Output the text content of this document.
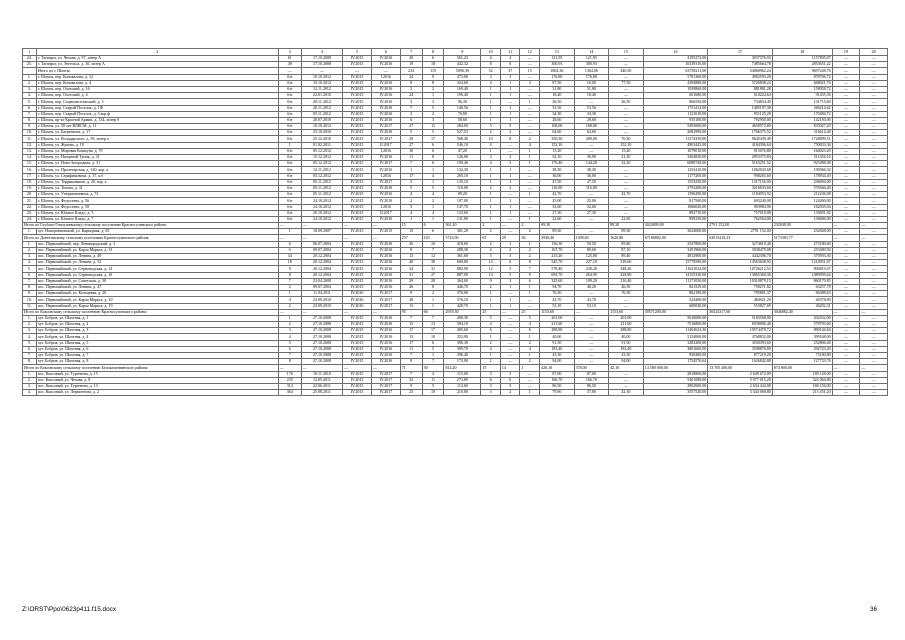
1	2	3	4	5	6	7	8	9	10	11	12	13	14	15	16	17	18	19	20
24.	г. Таганрог, ул. Чехова, д. 97, литер А	61	17.10.2008	IV.2015	IV.2016	20	6	561,23	4	4	—	121,95	121,95	—	4195272,00	3037376,93	1157895,07	—	—
25.	г. Таганрог, ул. Энгельса, д. 10, литер А	49	17.10.2008	IV.2015	IV.2016	19	18	442,32	8	8	—	300,93	300,93	—	10339316,00	7485664,78	2853651,22	—	—
	Итого по г. Шахты:	—	—	—	—	233	115	5090,39	52	37	15	1804,36	1364,06	440,30	63758211,00	54060962,24	9697248,76	—	—
1.	г. Шахты, пер. Коновалова, д. 12	б/н	10.10.2012	IV.2015	I.2016	24	9	473,00	3	3	—	176,80	176,80	—	5781360,00	4902593,28	878766,72	—	—
2.	г. Шахты, пер. Коновалова, д. 4	б/н	10.10.2012	IV.2015	IV.2016	8	8	324,60	4	1	3	87,50	10,00	77,50	4394880,00	3726838,24	668021,76	—	—
3.	г. Шахты, пер. Охотский, д. 16	б/н	12.11.2012	IV.2015	IV.2016	2	2	169,40	1	1	—	31,80	31,80	—	1039860,00	881801,28	158058,72	—	—
4.	г. Шахты, пер. Охотский, д. 4	б/н	22.01.2010	IV.2015	IV.2016	24	1	196,40	1	1	—	18,40	18,40	—	601680,00	510224,64	91455,36	—	—
5.	г. Шахты, пер. Социалистический, д. 3	б/н	20.11.2012	IV.2015	IV.2016	3	3	96,30	1	—	1	26,50	—	26,50	866550,00	734834,40	131715,60	—	—
6.	г. Шахты, пер. Старый Поселок, д. 1Ф	б/н	20.11.2012	IV.2015	IV.2016	7	5	146,56	1	1	—	53,56	53,56	—	1751412,00	1485197,38	266214,62	—	—
7.	г. Шахты, пер. Старый Поселок, д. 3 кор.ф	б/н	05.11.2012	IV.2015	IV.2016	2	2	76,80	1	1	—	34,30	34,30	—	1121610,00	951125,28	170484,72	—	—
8.	г. Шахты, пр-кт Красной Армии, д. 134, литер б	б/н	20.07.2010	IV.2015	IV.2016	6	3	58,60	1	1	—	28,60	28,60	—	935100,00	792950,00	142150,00	—	—
9.	г. Шахты, ул. 50 лет ВЛКСМ, д. 11	б/н	10.10.2012	IV.2015	IV.2017	27	11	284,00	5	5	—	168,00	168,00	—	5493600,00	4658572,80	835027,20	—	—
10.	г. Шахты, ул. Багратиона, д. 17	б/н	25.10.2010	IV.2015	IV.2016	5	5	527,53	2	2	—	64,60	64,60	—	2082990,00	1766375,52	316614,48	—	—
11.	г. Шахты, ул. Володарского, д. 59, литер а	б/н	25.12.2010	IV.2015	IV.2017	29	17	568,40	10	8	2	350,30	280,00	70,30	11374339,00	9645439,49	1728899,51	—	—
12.	г. Шахты, ул. Жукова, д. 18	1	01.02.2011	IV.2015	II.2017	27	6	546,10	4	—	4	152,10	—	152,10	4903443,00	4184396,64	750033,36	—	—
13.	г. Шахты, ул. Мировая Коммуна, д. 70	б/н	05.12.2012	IV.2015	I.2016	10	6	47,20	1	—	1	15,20	—	15,20	1079010,00	915076,80	164023,20	—	—
14.	г. Шахты, ул. Нагорный Тупик, д. 31	б/н	15.12.2012	IV.2015	IV.2016	11	8	126,00	3	2	1	52,10	30,90	21,20	3364830,00	2853375,84	511454,16	—	—
15.	г. Шахты, ул. Ново-Загородная, д. 31	б/н	05.12.2012	IV.2015	IV.2017	7	6	190,40	4	3	1	176,40	144,20	32,20	6088740,00	5163251,52	925488,48	—	—
16.	г. Шахты, ул. Пролетарская, д. 140, кор. а	б/н	12.11.2012	IV.2015	IV.2016	1	1	132,30	1	1	—	38,30	38,30	—	1252410,00	1062043,68	190366,32	—	—
17.	г. Шахты, ул. Серафимовича, д. 37, к.б	б/н	05.12.2012	IV.2015	I.2016	17	4	265,10	1	1	—	36,00	36,00	—	1177200,00	998265,60	178934,40	—	—
18.	г. Шахты, ул. Террикоников, д. 20, кор. а	б/н	05.11.2012	IV.2015	IV.2017	3	1	135,10	1	1	—	47,50	47,50	—	1553250,00	1317156,00	236094,00	—	—
19.	г. Шахты, ул. Титова, д. 31	б/н	05.11.2012	IV.2015	IV.2016	5	5	116,00	2	2	—	116,00	116,00	—	3793200,00	3216633,60	576566,40	—	—
20.	г. Шахты, ул. Утюрмовчевича, д. 72	б/н	05.11.2012	IV.2015	IV.2016	4	4	89,20	1	—	1	42,70	—	42,70	1396290,00	1184053,92	212236,08	—	—
21.	г. Шахты, ул. Федосеева, д. 56	б/н	24.10.2012	IV.2015	IV.2016	2	2	107,00	1	1	—	25,00	25,00	—	817500,00	693240,00	124260,00	—	—
22.	г. Шахты, ул. Федосеева, д. 58	б/н	24.10.2012	IV.2015	I.2016	5	1	147,70	1	1	—	32,60	32,60	—	1066020,00	903984,96	162035,04	—	—
23.	г. Шахты, ул. Южное Кладо, д. 3	б/н	20.10.2012	IV.2015	II.2017	4	4	133,60	1	1	—	27,30	27,30	—	892710,00	757018,08	135691,92	—	—
24.	г. Шахты, ул. Южное Кладо, д. 7	б/н	24.10.2012	IV.2015	IV.2016	1	1	131,80	1	—	1	22,60	—	22,60	899250,00	762564,00	136686,00	—	—
Итого по Глубоко-Гнилушевскому сельскому поселению Красносулинского района:		—	—	—	—	15	6	361,20	2	—	2	89,30	—	89,30	3024000,00	2791 152,00	232848,00	—	—
1.	хут. Новоровновский, ул. Карьерная, д. 65	1	18.09.2007	IV.2015	IV.2015	15	6	361,20	2	—	2	89,30	—	89,30	3024000,00	2791 152,00	232848,00	—	—
Итого по Донетинскому сельскому поселению Красносулинского района:		—	—	—	—	257	163	5723,90	65	29	36	2930,40	1309,60	1620,80	67186802,00	62013418,23	5173383,77	—	—
1.	пос. Первомайский, пер. Ленинградский, д. 3	6	06.07.2004	IV.2015	IV.2016	26	10	418,60	2	1	1	136,30	50,50	85,80	3547800,00	3274619,40	273180,60	—	—
2.	пос. Первомайский, ул. Карла Маркса, д. 31	б	09.07.2004	IV.2015	IV.2016	8	7	288,30	4	2	2	167,70	80,60	87,10	3291960,00	3038479,08	253480,92	—	—
3.	пос. Первомайский, ул. Ленина, д. 49	34	20.12.2004	IV.2015	IV.2016	13	12	361,60	5	3	2	215,20	125,80	89,40	4812900,00	4442306,70	370593,30	—	—
4.	пос. Первомайский, ул. Ленина, д. 52	18	20.12.2004	IV.2015	IV.2016	40	38	608,80	14	6	8	545,70	227,10	318,60	15778590,00	14563638,93	1214951,07	—	—
5.	пос. Первомайский, ул. Серноводская, д. 14	9	20.12.2004	IV.2015	IV.2016	34	31	882,90	12	5	7	578,40	230,20	348,20	11621032,00	10726212,53	894819,47	—	—
6.	пос. Первомайский, ул. Серноводская, д. 16	8	20.12.2004	IV.2015	IV.2016	31	27	887,00	14	5	9	693,70	264,90	428,80	14155330,00	13065360,36	1089959,64	—	—
7.	пос. Первомайский, ул. Советская, д. 30	7	23.04.2008	IV.2015	IV.2016	29	20	364,60	9	3	6	325,60	109,20	216,40	11171050,00	10310879,15	860170,85	—	—
8.	пос. Первомайский, ул. Ленина, д. 47	2	09.07.2004	IV.2015	IV.2016	26	8	446,70	2	1	1	94,70	48,20	46,50	821529,60	758271,82	63257,78	—	—
9.	пос. Первомайский, ул. Кольцевая, д. 20	1	11.04.2011	IV.2016	IV.2017	9	2	376,00	1	—	1	76,30	—	76,30	862190,00	795801,37	66388,63	—	—
10.	пос. Первомайский, ул. Карла Маркса, д. 10	4	23.09.2010	IV.2016	IV.2017	28	1	376,10	1	1	—	43,70	43,70	—	524400,00	484021,20	40378,80	—	—
11.	пос. Первомайский, ул. Карла Маркса, д. 19	2	23.09.2010	IV.2016	IV.2017	13	1	428,70	1	1	—	53,10	53,10	—	600030,00	553827,69	46202,31	—	—
Итого по Коксовскому сельскому поселению Красносулинского района:		—	—	—	—	95	66	2918,30	25	—	25	1153,60	—	1153,60	39571200,00	36524317,60	3046882,40	—	—
1.	хут. Бобров, ул. Шахтная, д. 1	1	27.10.2008	IV.2015	IV.2016	7	7	400,30	5	—	5	201,00	—	201,00	5616000,00	5183568,00	432432,00	—	—
2.	хут. Бобров, ул. Шахтная, д. 2	2	27.10.2008	IV.2015	IV.2016	15	13	394,10	4	—	4	211,60	—	211,60	7516800,00	6938006,40	578793,60	—	—
3.	хут. Бобров, ул. Шахтная, д. 3	3	27.10.2008	IV.2015	IV.2016	17	17	405,60	6	—	6	288,80	—	288,80	11464623,36	10574478,72	890144,64	—	—
4.	хут. Бобров, ул. Шахтная, д. 4	4	27.10.2008	IV.2015	IV.2016	13	10	352,90	1	—	1	40,00	—	40,00	5154000,00	4768832,00	399168,00	—	—
5.	хут. Бобров, ул. Шахтная, д. 5	5	27.10.2008	IV.2015	IV.2016	17	6	396,30	2	—	2	91,50	—	91,50	3283200,00	3030393,60	252806,40	—	—
6.	хут. Бобров, ул. Шахтная, д. 6	6	27.10.2008	IV.2015	IV.2016	11	5	399,70	4	—	4	183,40	—	183,40	3801600,00	3508876,80	292723,20	—	—
7.	хут. Бобров, ул. Шахтная, д. 7	7	27.10.2008	IV.2015	IV.2016	7	1	396,40	1	—	1	43,30	—	43,30	950400,00	877219,20	73180,80	—	—
8.	хут. Бобров, ул. Шахтная, д. 8	8	27.10.2008	IV.2015	IV.2016	8	7	173,00	2	—	2	94,00	—	94,00	1754576,64	1626842,88	127733,76	—	—
Итого по Коксовскому сельскому поселению Белокалитвинского района:		—	—	—	—	71	30	814,20	15	14	1	420,10	378,00	42,10	14 580 000,00	13 705 200,00	874 800,00	—	—
1.	пос. Коксовый, ул. Тургенева, д. 15	176	10.11.2010	IV.2015	IV.2017	7	4	115,00	3	3	—	87,00	87,00	—	2818800,00	2 649 672,00	169 128,00	—	—
2.	пос. Коксовый, ул. Чехова, д. 8	235	12.05.2011	IV.2015	IV.2017	32	11	273,80	6	6	—	166,70	166,70	—	5401080,00	5 077 015,20	324 064,80	—	—
3.	пос. Коксовый, ул. Тургенева, д. 13	314	22.06.2011	IV.2015	IV.2017	9	5	114,60	3	3	—	86,50	86,50	—	2802600,00	2 634 444,00	168 156,00	—	—
4.	пос. Коксовый, ул. Лермонтова, д. 2	364	25.08.2011	IV.2015	IV.2017	23	10	210,80	3	2	1	79,90	37,80	42,10	3557520,00	3 344 068,80	213 451,20	—	—
Z:\ORST\Ppo\0623p411.f15.docx	36
